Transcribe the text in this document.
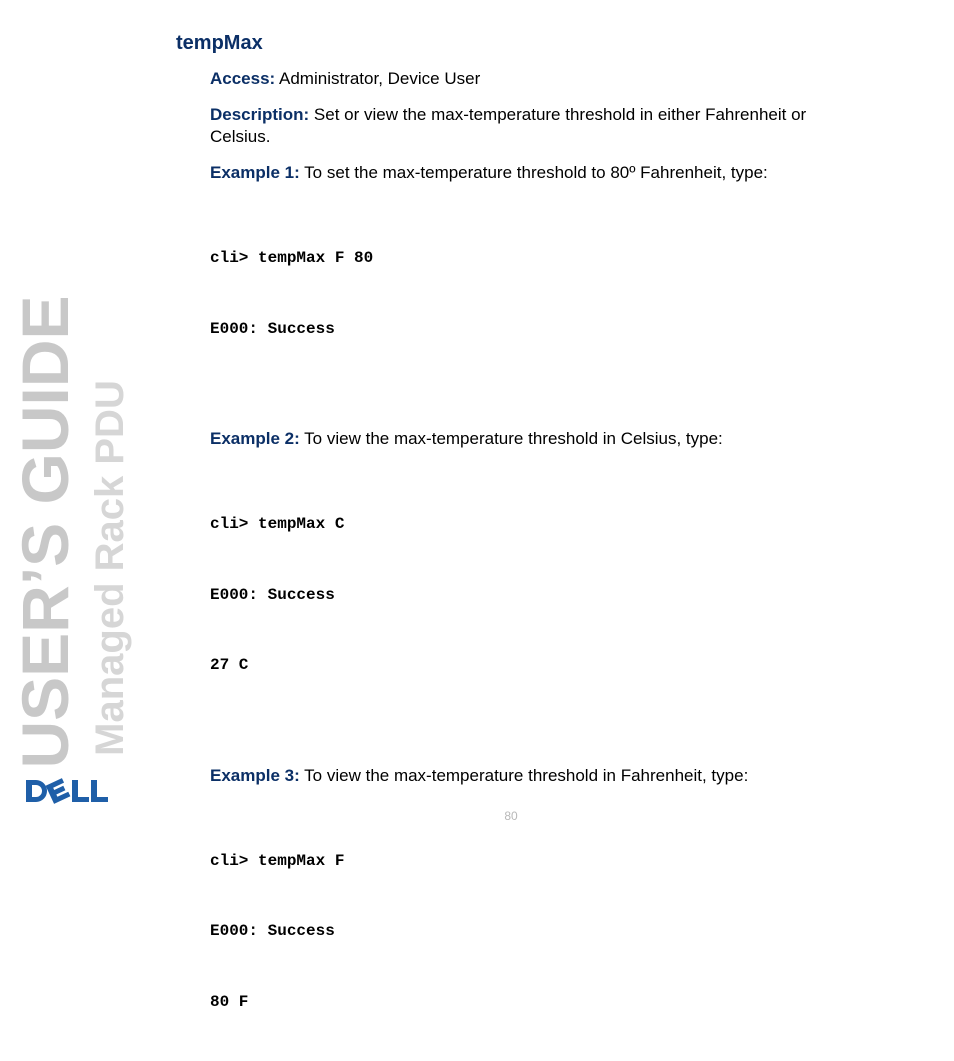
USER’S GUIDE Managed Rack PDU
tempMax

Access: Administrator, Device User

Description: Set or view the max-temperature threshold in either Fahrenheit or Celsius.

Example 1: To set the max-temperature threshold to 80º Fahrenheit, type:

cli> tempMax F 80

E000: Success

Example 2: To view the max-temperature threshold in Celsius, type:

cli> tempMax C

E000: Success

27 C

Example 3: To view the max-temperature threshold in Fahrenheit, type:

cli> tempMax F

E000: Success

80 F

80
